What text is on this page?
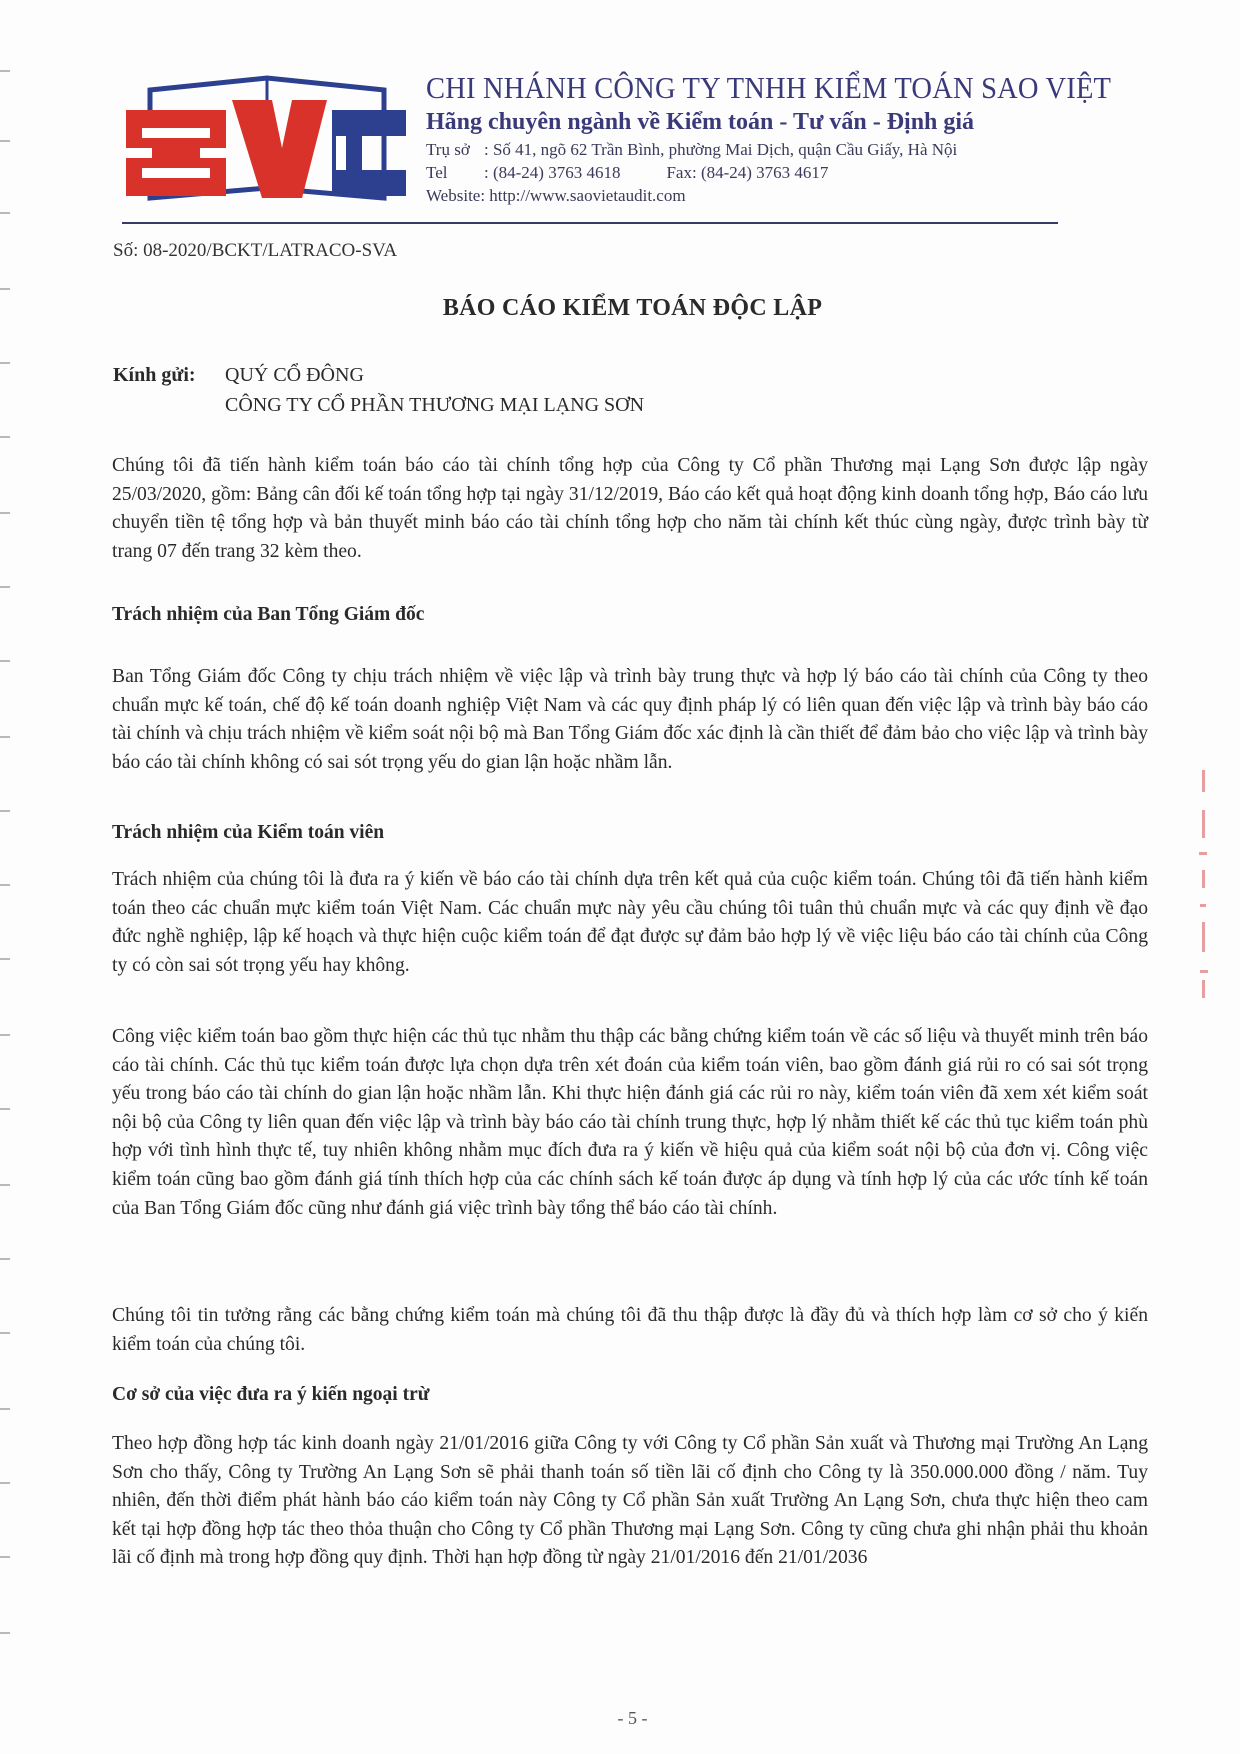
CHI NHÁNH CÔNG TY TNHH KIỂM TOÁN SAO VIỆT
Hãng chuyên ngành về Kiểm toán - Tư vấn - Định giá
Trụ sở : Số 41, ngõ 62 Trần Bình, phường Mai Dịch, quận Cầu Giấy, Hà Nội
Tel : (84-24) 3763 4618	Fax: (84-24) 3763 4617
Website: http://www.saovietaudit.com
Số: 08-2020/BCKT/LATRACO-SVA
BÁO CÁO KIỂM TOÁN ĐỘC LẬP
Kính gửi: QUÝ CỔ ĐÔNG
CÔNG TY CỔ PHẦN THƯƠNG MẠI LẠNG SƠN
Chúng tôi đã tiến hành kiểm toán báo cáo tài chính tổng hợp của Công ty Cổ phần Thương mại Lạng Sơn được lập ngày 25/03/2020, gồm: Bảng cân đối kế toán tổng hợp tại ngày 31/12/2019, Báo cáo kết quả hoạt động kinh doanh tổng hợp, Báo cáo lưu chuyển tiền tệ tổng hợp và bản thuyết minh báo cáo tài chính tổng hợp cho năm tài chính kết thúc cùng ngày, được trình bày từ trang 07 đến trang 32 kèm theo.
Trách nhiệm của Ban Tổng Giám đốc
Ban Tổng Giám đốc Công ty chịu trách nhiệm về việc lập và trình bày trung thực và hợp lý báo cáo tài chính của Công ty theo chuẩn mực kế toán, chế độ kế toán doanh nghiệp Việt Nam và các quy định pháp lý có liên quan đến việc lập và trình bày báo cáo tài chính và chịu trách nhiệm về kiểm soát nội bộ mà Ban Tổng Giám đốc xác định là cần thiết để đảm bảo cho việc lập và trình bày báo cáo tài chính không có sai sót trọng yếu do gian lận hoặc nhầm lẫn.
Trách nhiệm của Kiểm toán viên
Trách nhiệm của chúng tôi là đưa ra ý kiến về báo cáo tài chính dựa trên kết quả của cuộc kiểm toán. Chúng tôi đã tiến hành kiểm toán theo các chuẩn mực kiểm toán Việt Nam. Các chuẩn mực này yêu cầu chúng tôi tuân thủ chuẩn mực và các quy định về đạo đức nghề nghiệp, lập kế hoạch và thực hiện cuộc kiểm toán để đạt được sự đảm bảo hợp lý về việc liệu báo cáo tài chính của Công ty có còn sai sót trọng yếu hay không.
Công việc kiểm toán bao gồm thực hiện các thủ tục nhằm thu thập các bằng chứng kiểm toán về các số liệu và thuyết minh trên báo cáo tài chính. Các thủ tục kiểm toán được lựa chọn dựa trên xét đoán của kiểm toán viên, bao gồm đánh giá rủi ro có sai sót trọng yếu trong báo cáo tài chính do gian lận hoặc nhầm lẫn. Khi thực hiện đánh giá các rủi ro này, kiểm toán viên đã xem xét kiểm soát nội bộ của Công ty liên quan đến việc lập và trình bày báo cáo tài chính trung thực, hợp lý nhằm thiết kế các thủ tục kiểm toán phù hợp với tình hình thực tế, tuy nhiên không nhằm mục đích đưa ra ý kiến về hiệu quả của kiểm soát nội bộ của đơn vị. Công việc kiểm toán cũng bao gồm đánh giá tính thích hợp của các chính sách kế toán được áp dụng và tính hợp lý của các ước tính kế toán của Ban Tổng Giám đốc cũng như đánh giá việc trình bày tổng thể báo cáo tài chính.
Chúng tôi tin tưởng rằng các bằng chứng kiểm toán mà chúng tôi đã thu thập được là đầy đủ và thích hợp làm cơ sở cho ý kiến kiểm toán của chúng tôi.
Cơ sở của việc đưa ra ý kiến ngoại trừ
Theo hợp đồng hợp tác kinh doanh ngày 21/01/2016 giữa Công ty với Công ty Cổ phần Sản xuất và Thương mại Trường An Lạng Sơn cho thấy, Công ty Trường An Lạng Sơn sẽ phải thanh toán số tiền lãi cố định cho Công ty là 350.000.000 đồng / năm. Tuy nhiên, đến thời điểm phát hành báo cáo kiểm toán này Công ty Cổ phần Sản xuất Trường An Lạng Sơn, chưa thực hiện theo cam kết tại hợp đồng hợp tác theo thỏa thuận cho Công ty Cổ phần Thương mại Lạng Sơn. Công ty cũng chưa ghi nhận phải thu khoản lãi cố định mà trong hợp đồng quy định. Thời hạn hợp đồng từ ngày 21/01/2016 đến 21/01/2036
- 5 -
